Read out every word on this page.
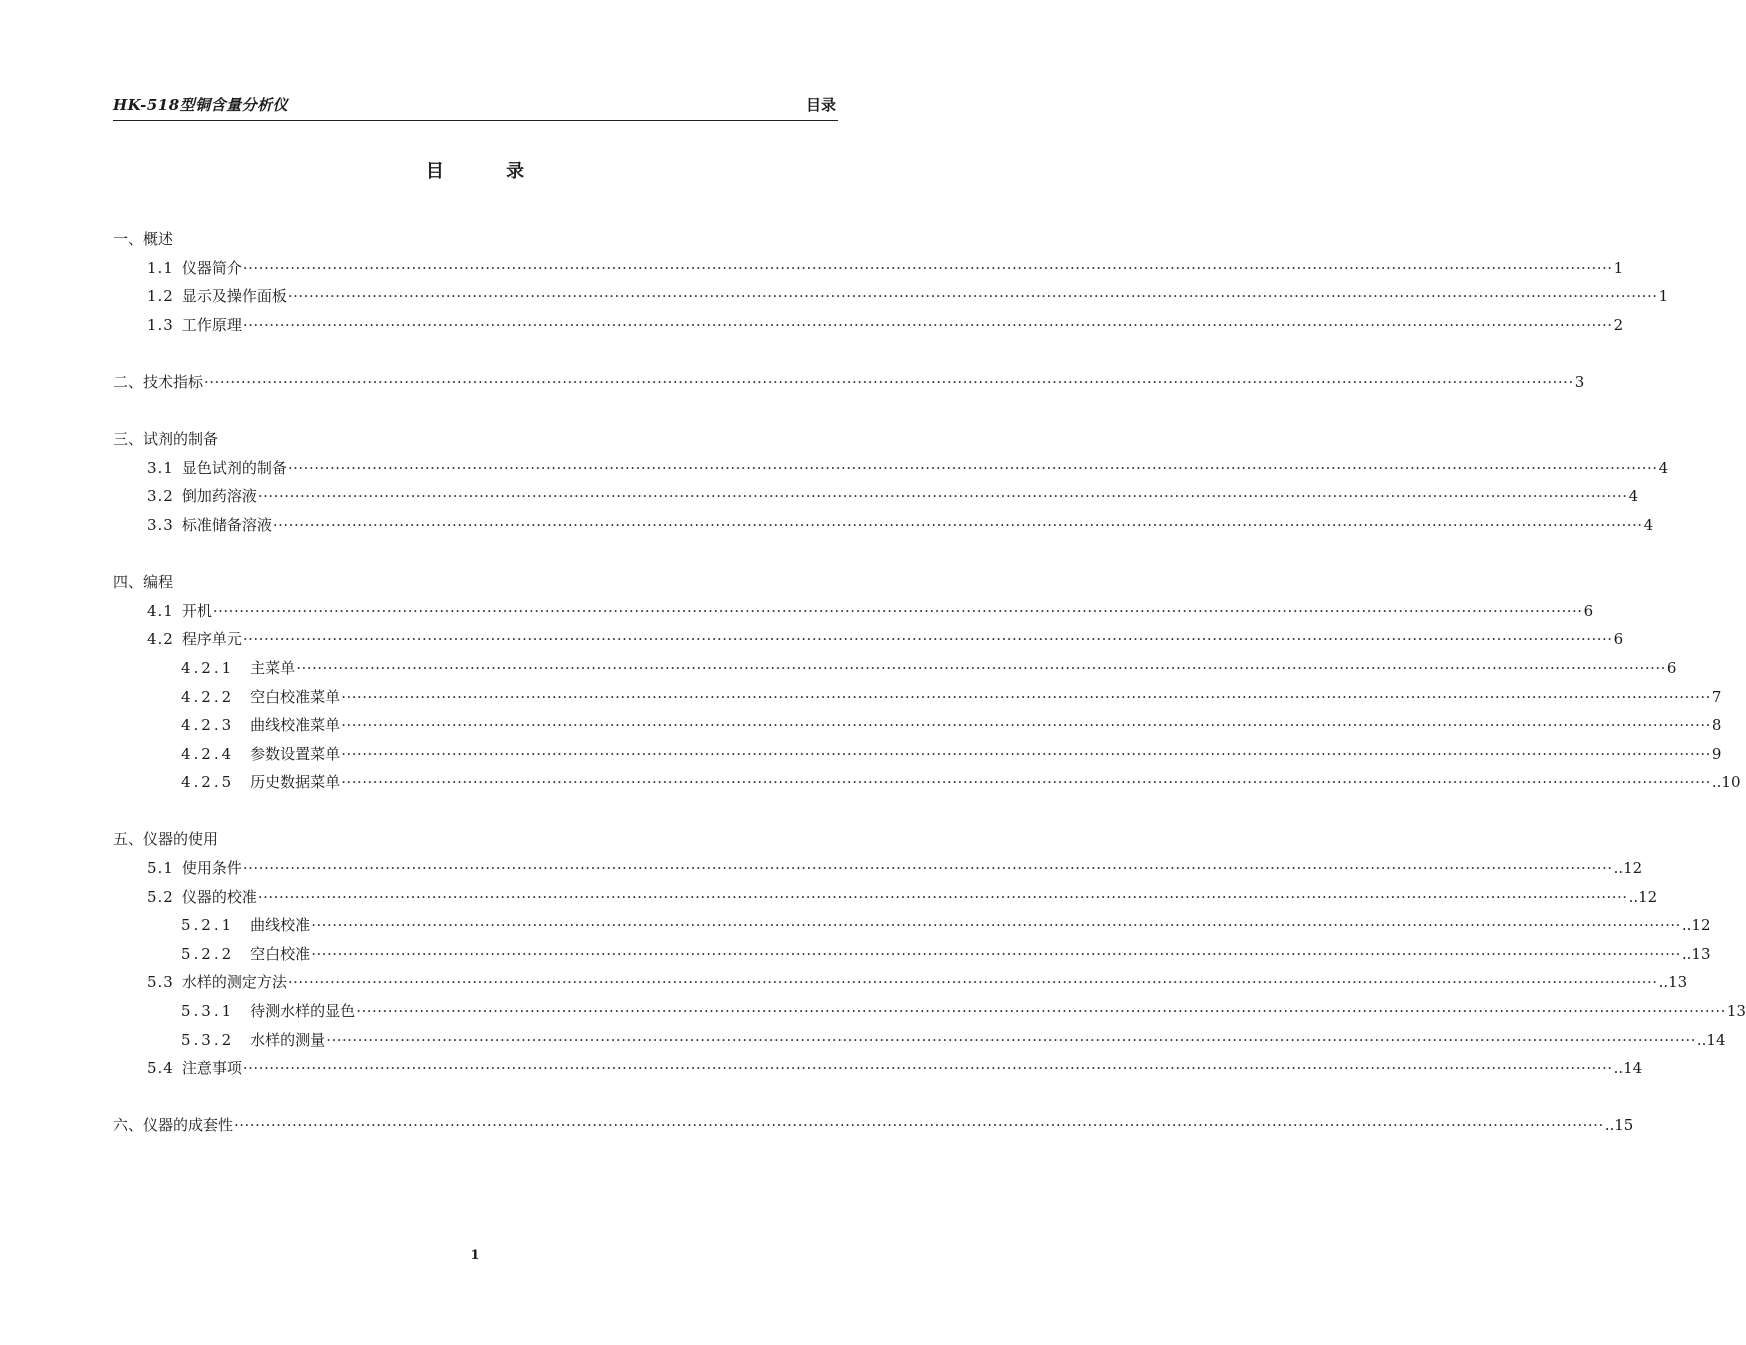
HK-518型铜含量分析仪	目录
目 录
一、概述
1.1 仪器简介 ···································································································································································································································································· 1
1.2 显示及操作面板 ···································································································································································································································································· 1
1.3 工作原理 ···································································································································································································································································· 2
二、技术指标 ···································································································································································································································································· 3
三、试剂的制备
3.1 显色试剂的制备 ···································································································································································································································································· 4
3.2 倒加药溶液 ···································································································································································································································································· 4
3.3 标准储备溶液 ···································································································································································································································································· 4
四、编程
4.1 开机 ···································································································································································································································································· 6
4.2 程序单元 ···································································································································································································································································· 6
4.2.1 主菜单 ···································································································································································································································································· 6
4.2.2 空白校准菜单 ···································································································································································································································································· 7
4.2.3 曲线校准菜单 ···································································································································································································································································· 8
4.2.4 参数设置菜单 ···································································································································································································································································· 9
4.2.5 历史数据菜单 ···································································································································································································································································· ..10
五、仪器的使用
5.1 使用条件 ···································································································································································································································································· ..12
5.2 仪器的校准 ···································································································································································································································································· ..12
5.2.1 曲线校准 ···································································································································································································································································· ..12
5.2.2 空白校准 ···································································································································································································································································· ..13
5.3 水样的测定方法 ···································································································································································································································································· ..13
5.3.1 待测水样的显色 ···································································································································································································································································· 13
5.3.2 水样的测量 ···································································································································································································································································· ..14
5.4 注意事项 ···································································································································································································································································· ..14
六、仪器的成套性 ···································································································································································································································································· ..15
1
